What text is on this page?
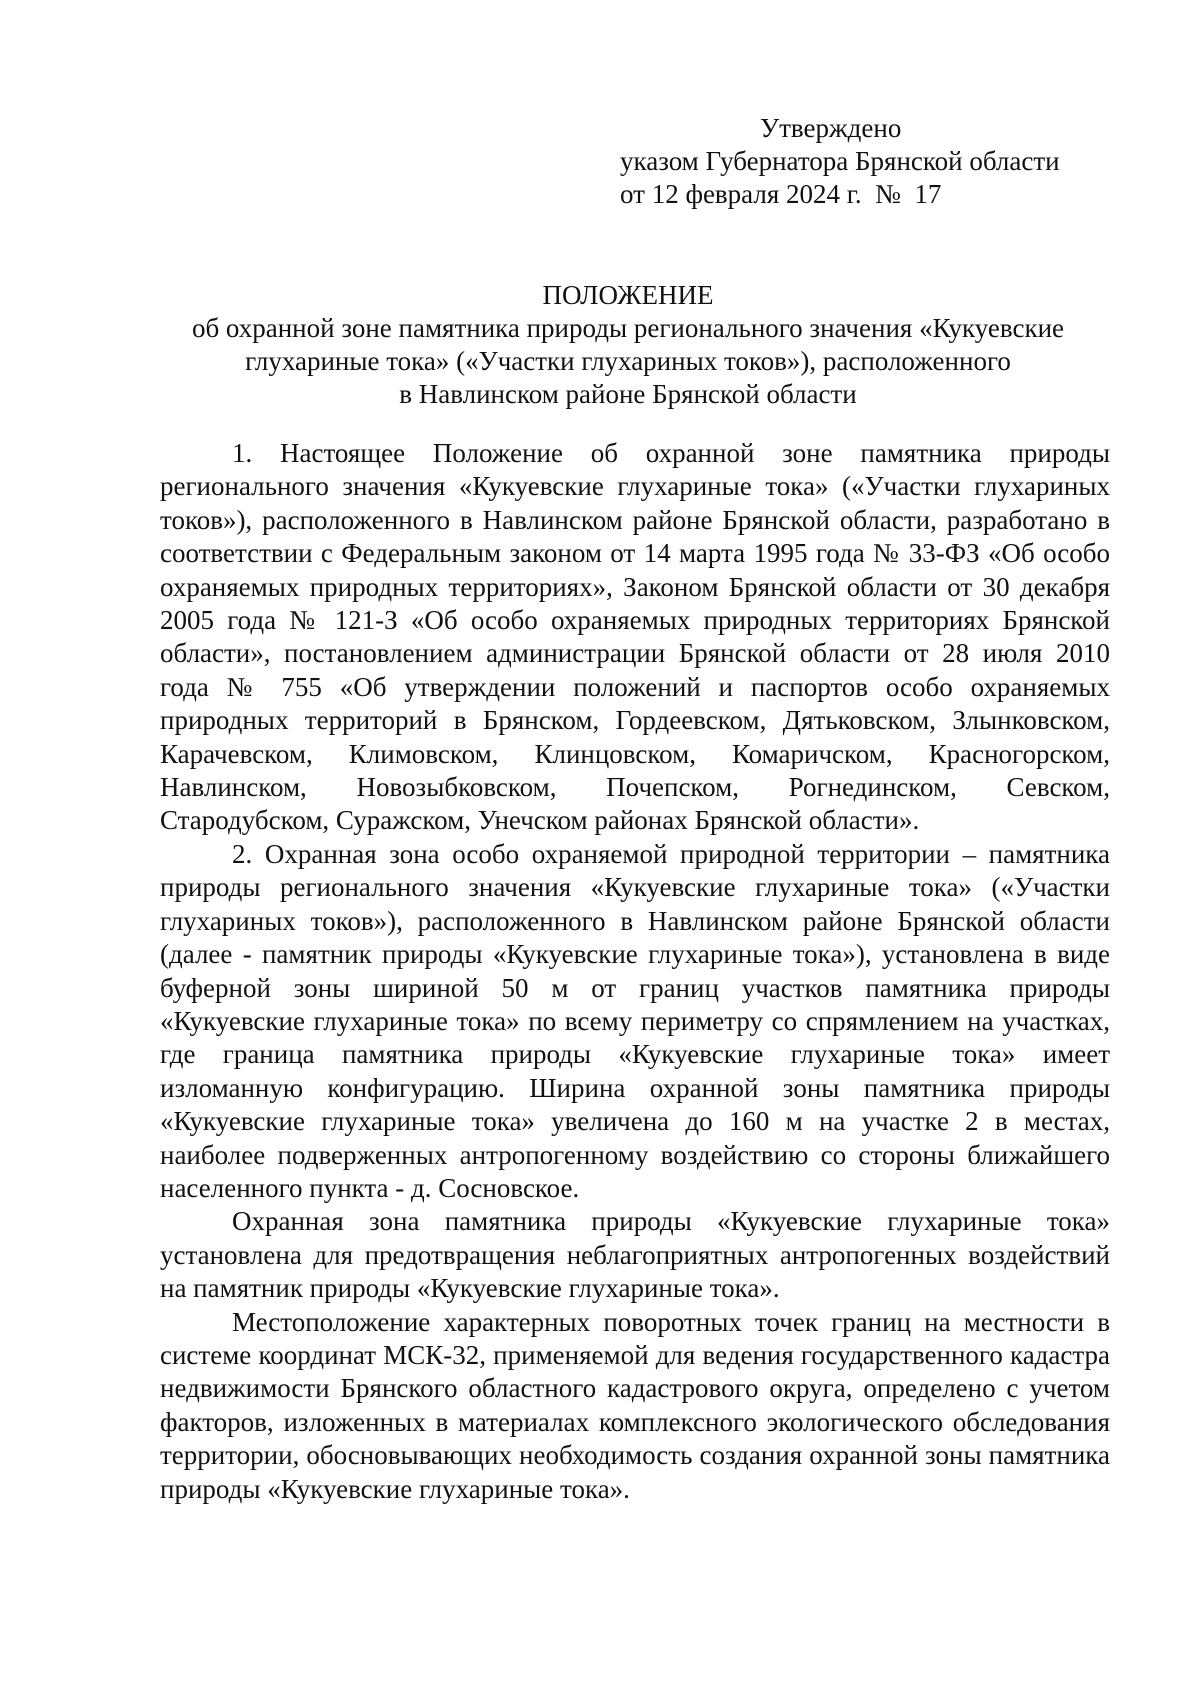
Утверждено
указом Губернатора Брянской области
от 12 февраля 2024 г.  №  17
ПОЛОЖЕНИЕ
об охранной зоне памятника природы регионального значения «Кукуевские
глухариные тока» («Участки глухариных токов»), расположенного
в Навлинском районе Брянской области

1. Настоящее Положение об охранной зоне памятника природы регионального значения «Кукуевские глухариные тока» («Участки глухариных токов»), расположенного в Навлинском районе Брянской области, разработано в соответствии с Федеральным законом от 14 марта 1995 года № 33-ФЗ «Об особо охраняемых природных территориях», Законом Брянской области от 30 декабря 2005 года № 121-З «Об особо охраняемых природных территориях Брянской области», постановлением администрации Брянской области от 28 июля 2010 года № 755 «Об утверждении положений и паспортов особо охраняемых природных территорий в Брянском, Гордеевском, Дятьковском, Злынковском, Карачевском, Климовском, Клинцовском, Комаричском, Красногорском, Навлинском, Новозыбковском, Почепском, Рогнединском, Севском, Стародубском, Суражском, Унечском районах Брянской области».

2. Охранная зона особо охраняемой природной территории – памятника природы регионального значения «Кукуевские глухариные тока» («Участки глухариных токов»), расположенного в Навлинском районе Брянской области (далее - памятник природы «Кукуевские глухариные тока»), установлена в виде буферной зоны шириной 50 м от границ участков памятника природы «Кукуевские глухариные тока» по всему периметру со спрямлением на участках, где граница памятника природы «Кукуевские глухариные тока» имеет изломанную конфигурацию. Ширина охранной зоны памятника природы «Кукуевские глухариные тока» увеличена до 160 м на участке 2 в местах, наиболее подверженных антропогенному воздействию со стороны ближайшего населенного пункта - д. Сосновское.

Охранная зона памятника природы «Кукуевские глухариные тока» установлена для предотвращения неблагоприятных антропогенных воздействий на памятник природы «Кукуевские глухариные тока».

Местоположение характерных поворотных точек границ на местности в системе координат МСК-32, применяемой для ведения государственного кадастра недвижимости Брянского областного кадастрового округа, определено с учетом факторов, изложенных в материалах комплексного экологического обследования территории, обосновывающих необходимость создания охранной зоны памятника природы «Кукуевские глухариные тока».
